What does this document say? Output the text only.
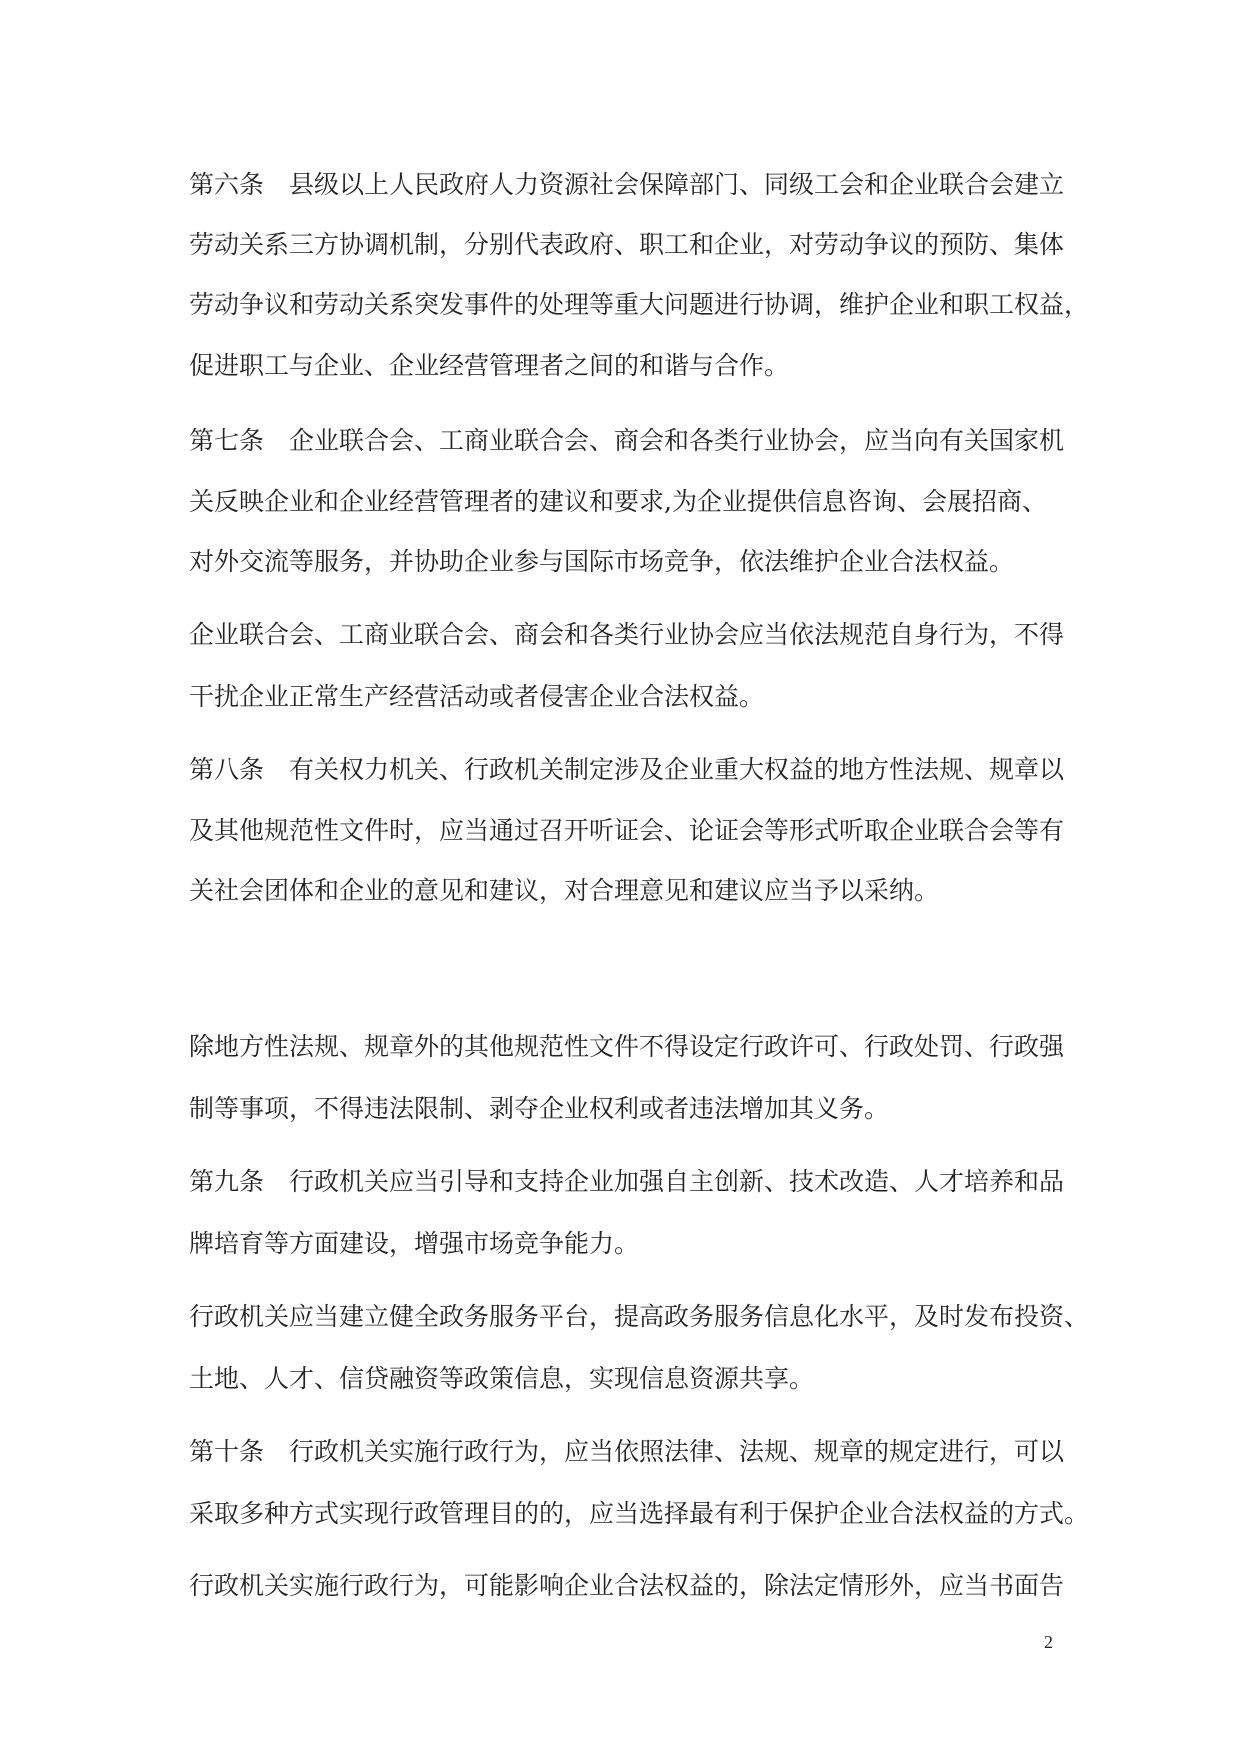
第六条　县级以上人民政府人力资源社会保障部门、同级工会和企业联合会建立

劳动关系三方协调机制，分别代表政府、职工和企业，对劳动争议的预防、集体

劳动争议和劳动关系突发事件的处理等重大问题进行协调，维护企业和职工权益，

促进职工与企业、企业经营管理者之间的和谐与合作。

第七条　企业联合会、工商业联合会、商会和各类行业协会，应当向有关国家机

关反映企业和企业经营管理者的建议和要求,为企业提供信息咨询、会展招商、

对外交流等服务，并协助企业参与国际市场竞争，依法维护企业合法权益。

企业联合会、工商业联合会、商会和各类行业协会应当依法规范自身行为，不得

干扰企业正常生产经营活动或者侵害企业合法权益。

第八条　有关权力机关、行政机关制定涉及企业重大权益的地方性法规、规章以

及其他规范性文件时，应当通过召开听证会、论证会等形式听取企业联合会等有

关社会团体和企业的意见和建议，对合理意见和建议应当予以采纳。

除地方性法规、规章外的其他规范性文件不得设定行政许可、行政处罚、行政强

制等事项，不得违法限制、剥夺企业权利或者违法增加其义务。

第九条　行政机关应当引导和支持企业加强自主创新、技术改造、人才培养和品

牌培育等方面建设，增强市场竞争能力。

行政机关应当建立健全政务服务平台，提高政务服务信息化水平，及时发布投资、

土地、人才、信贷融资等政策信息，实现信息资源共享。

第十条　行政机关实施行政行为，应当依照法律、法规、规章的规定进行，可以

采取多种方式实现行政管理目的的，应当选择最有利于保护企业合法权益的方式。

行政机关实施行政行为，可能影响企业合法权益的，除法定情形外，应当书面告

2
